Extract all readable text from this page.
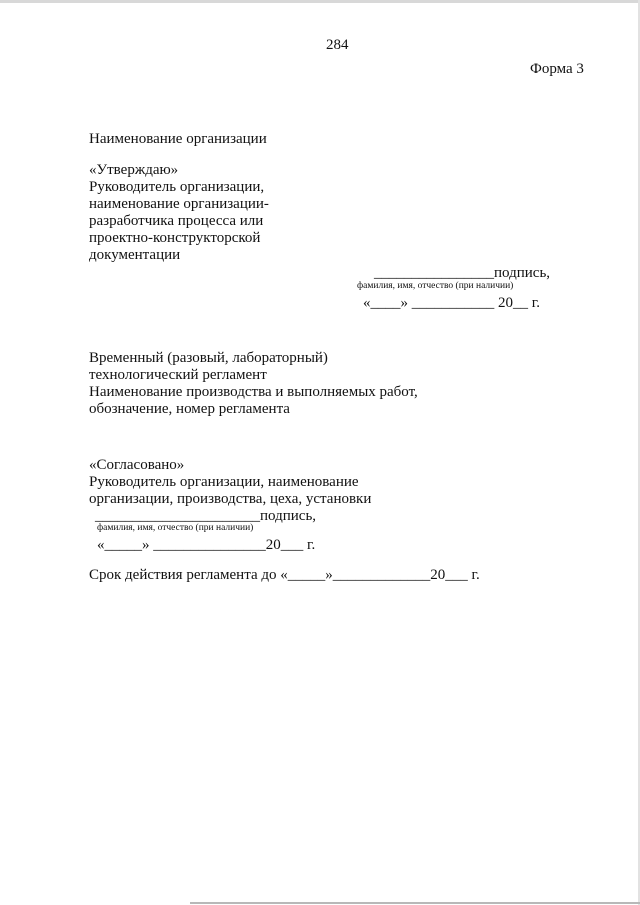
284
Форма 3
Наименование организации
«Утверждаю»
Руководитель организации,
наименование организации-
разработчика процесса или
проектно-конструкторской
документации
________________подпись,
фамилия, имя, отчество (при наличии)
«____» ___________ 20__ г.
Временный (разовый, лабораторный)
технологический регламент
Наименование производства и выполняемых работ,
обозначение, номер регламента
«Согласовано»
Руководитель организации, наименование
организации, производства, цеха, установки
______________________подпись,
фамилия, имя, отчество (при наличии)
«_____» _______________20___ г.
Срок действия регламента до «_____»_____________20___ г.
